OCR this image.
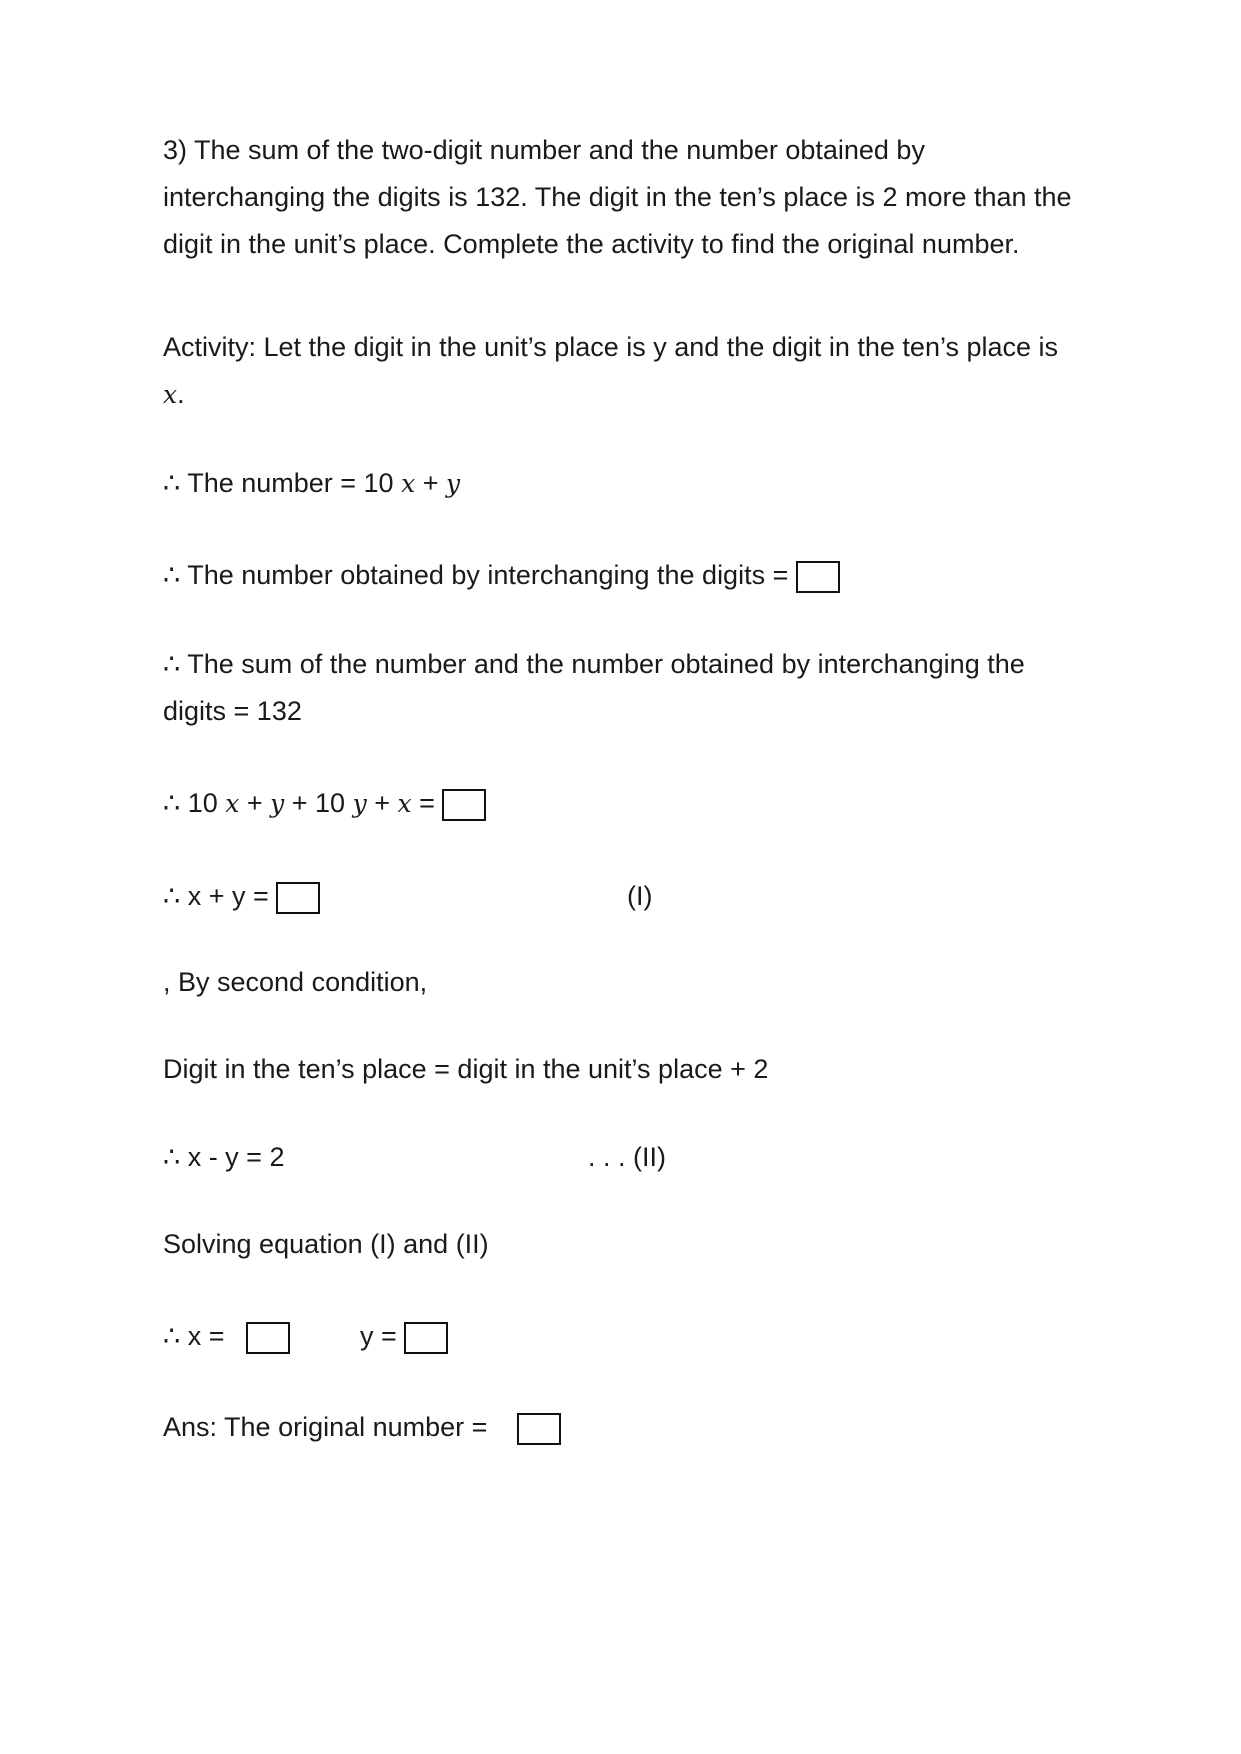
3) The sum of the two-digit number and the number obtained by
interchanging the digits is 132. The digit in the ten’s place is 2 more than the
digit in the unit’s place. Complete the activity to find the original number.
Activity: Let the digit in the unit’s place is y and the digit in the ten’s place is
x.
∴ The number = 10 x + y
∴ The number obtained by interchanging the digits =
∴ The sum of the number and the number obtained by interchanging the
digits = 132
∴ 10 x + y + 10 y + x =
∴ x + y =	(I)
, By second condition,
Digit in the ten’s place = digit in the unit’s place + 2
∴ x - y = 2	. . . (II)
Solving equation (I) and (II)
∴ x =	y =
Ans: The original number =
